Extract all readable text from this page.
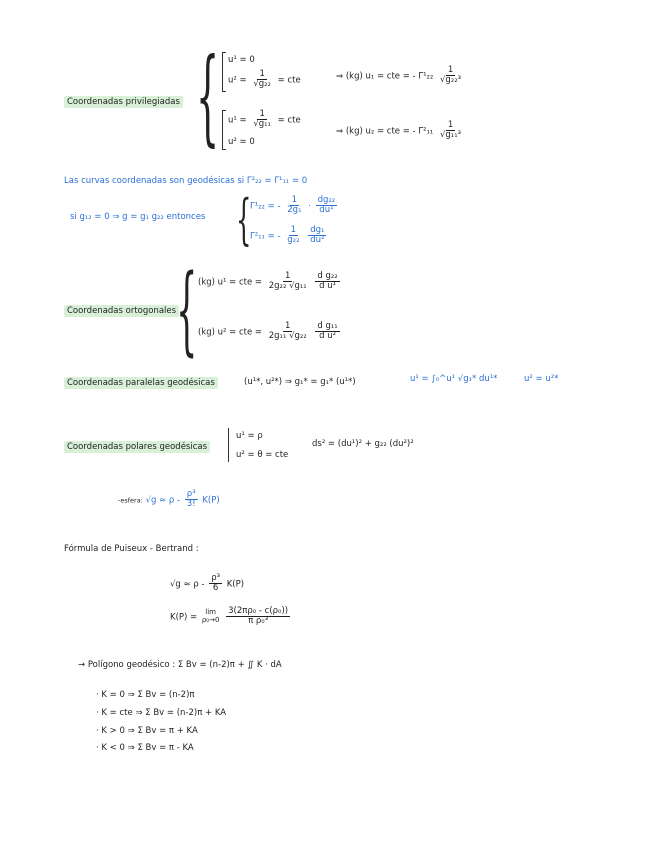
Coordenadas privilegiadas { u¹ = 0
$u^2 = \frac{1}{\text{√g₂₂}}$ = cte	⇒ (kg) u₁ = cte = - $\Gamma^1_{22} \frac{1}{\text{√g₂₂³}}$
$u^1 = \frac{1}{\text{√g₁₁}}$ = cte
u² = 0
⇒ (kg) u₂ = cte = - $\Gamma^2_{11} \frac{1}{\text{√g₁₁³}}$
Las curvas coordenadas son geodésicas si Γ²₂₂ = Γ¹₁₁ = 0
si g₁₂ = 0 ⇒ g = g₁ g₂₂ entonces {
Γ¹₂₂ = - $\frac{1}{\text{2g₁}} \cdot \frac{\text{dg₂₂}}{\text{du¹}}$
Γ²₁₁ = - $\frac{1}{\text{g₂₂}}$
$\frac{\text{dg₁}}{\text{du²}}$
Coordenadas ortogonales { (kg) u¹ = cte = $\frac{1}{\text{2g₂₂ √g₁₁}}$
$\frac{\text{d g₂₂}}{\text{d u¹}}$
(kg) u² = cte = $\frac{1}{\text{2g₁₁ √g₂₂}}$
$\frac{\text{d g₁₁}}{\text{d u²}}$
Coordenadas paralelas geodésicas	(u¹*, u²*) ⇒ g₁* = g₁* (u¹*)	u¹ = ∫₀^u¹ √g₁* du¹*	u² = u²*
Coordenadas polares geodésicas
u¹ = ρ
u² = θ = cte
ds² = (du¹)² + g₂₂ (du²)²
-esfera: $√g \approx \rho - \frac{\text{ρ³}}{3!} K(P)$
Fórmula de Puiseux - Bertrand :
$√g \approx \rho - \frac{\text{ρ³}}{6} K(P)$
K(P) =
lim
ρ₀→0
$\frac{\text{3(2πρ₀ - c(ρ₀))}}{\text{π ρ₀³}}$
→ Polígono geodésico : Σ Bv = (n-2)π + ∬ K · dA
· K = 0 ⇒ Σ Bv = (n-2)π
· K = cte ⇒ Σ Bv = (n-2)π + KA
· K > 0 ⇒ Σ Bv = π + KA
· K < 0 ⇒ Σ Bv = π - KA
